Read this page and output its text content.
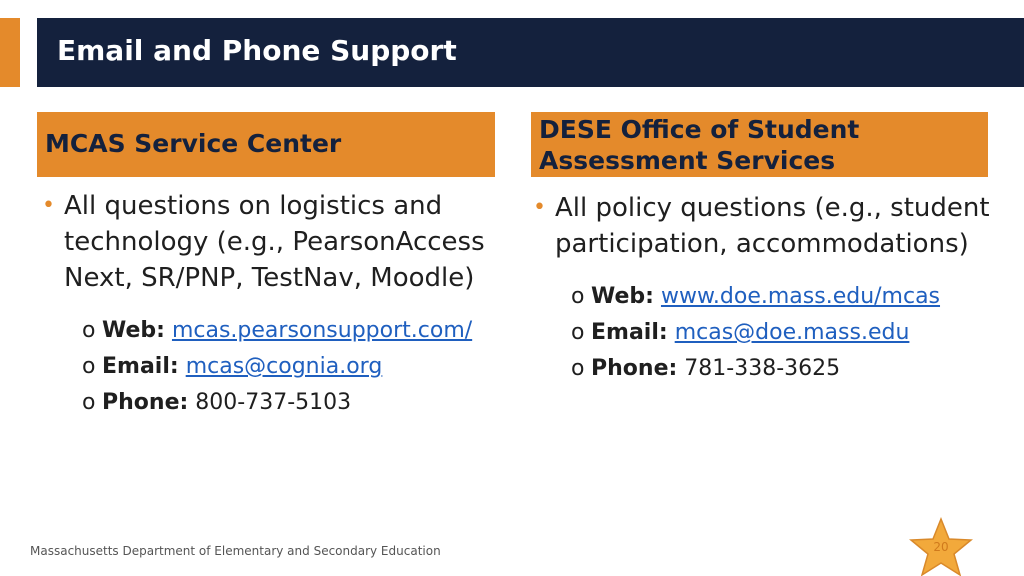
Email and Phone Support
MCAS Service Center
• All questions on logistics and
technology (e.g., PearsonAccess
Next, SR/PNP, TestNav, Moodle)
o Web: mcas.pearsonsupport.com/
o Email: mcas@cognia.org
o Phone: 800-737-5103
DESE Office of Student
Assessment Services
• All policy questions (e.g., student
participation, accommodations)
o Web: www.doe.mass.edu/mcas
o Email: mcas@doe.mass.edu
o Phone: 781-338-3625
Massachusetts Department of Elementary and Secondary Education	20
